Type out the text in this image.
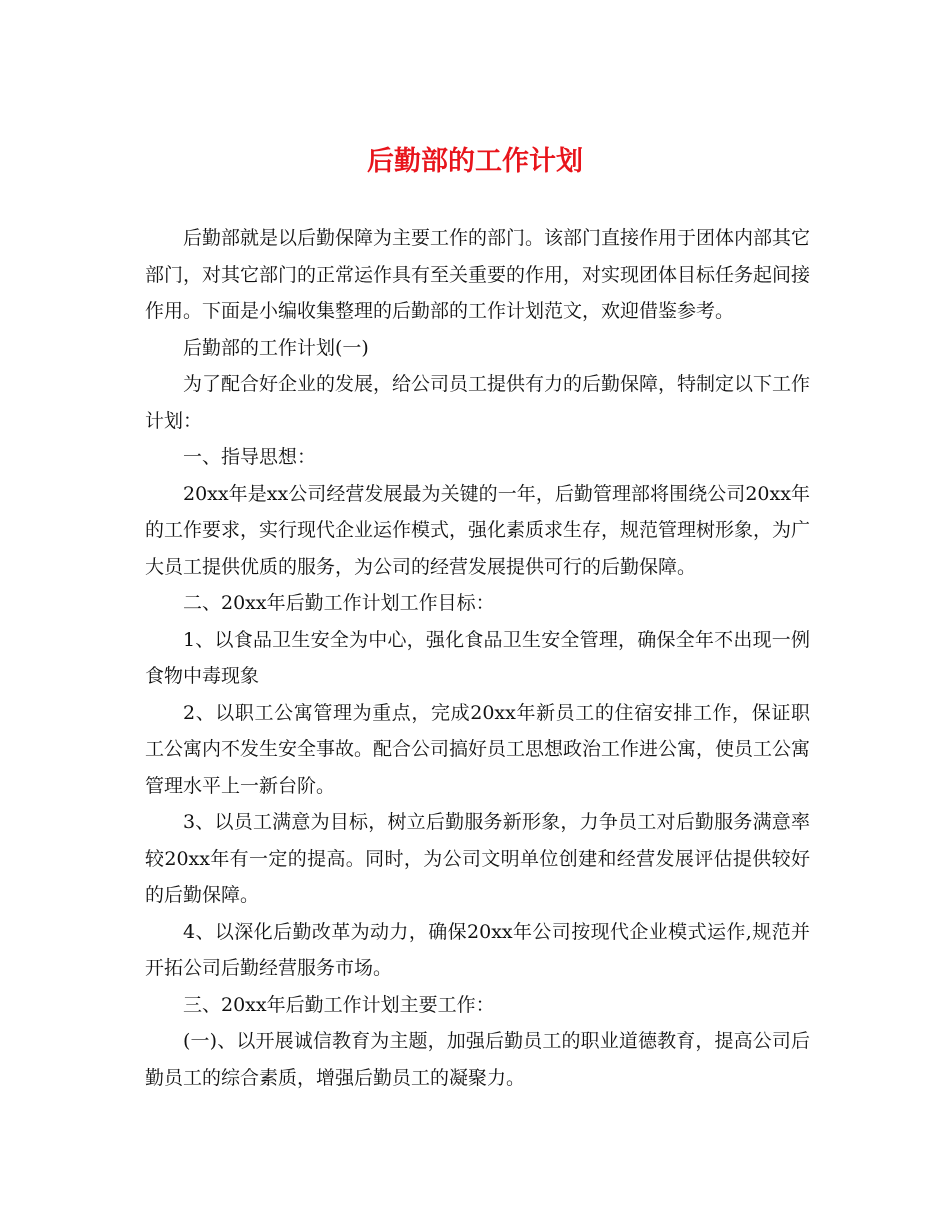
后勤部的工作计划

后勤部就是以后勤保障为主要工作的部门。该部门直接作用于团体内部其它部门，对其它部门的正常运作具有至关重要的作用，对实现团体目标任务起间接作用。下面是小编收集整理的后勤部的工作计划范文，欢迎借鉴参考。

后勤部的工作计划(一)

为了配合好企业的发展，给公司员工提供有力的后勤保障，特制定以下工作计划：

一、指导思想：

20xx年是xx公司经营发展最为关键的一年，后勤管理部将围绕公司20xx年的工作要求，实行现代企业运作模式，强化素质求生存，规范管理树形象，为广大员工提供优质的服务，为公司的经营发展提供可行的后勤保障。

二、20xx年后勤工作计划工作目标：

1、以食品卫生安全为中心，强化食品卫生安全管理，确保全年不出现一例食物中毒现象

2、以职工公寓管理为重点，完成20xx年新员工的住宿安排工作，保证职工公寓内不发生安全事故。配合公司搞好员工思想政治工作进公寓，使员工公寓管理水平上一新台阶。

3、以员工满意为目标，树立后勤服务新形象，力争员工对后勤服务满意率较20xx年有一定的提高。同时，为公司文明单位创建和经营发展评估提供较好的后勤保障。

4、以深化后勤改革为动力，确保20xx年公司按现代企业模式运作,规范并开拓公司后勤经营服务市场。

三、20xx年后勤工作计划主要工作：

(一)、以开展诚信教育为主题，加强后勤员工的职业道德教育，提高公司后勤员工的综合素质，增强后勤员工的凝聚力。
